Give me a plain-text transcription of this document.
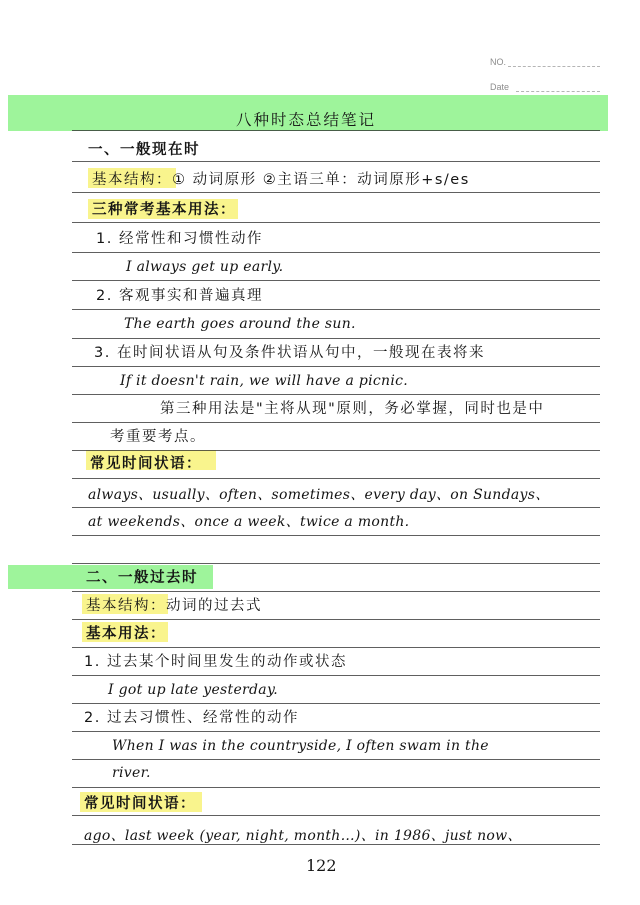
NO.
Date
八种时态总结笔记
一、一般现在时
基本结构：① 动词原形 ②主语三单：动词原形+s/es
三种常考基本用法：
1. 经常性和习惯性动作
I always get up early.
2. 客观事实和普遍真理
The earth goes around the sun.
3. 在时间状语从句及条件状语从句中，一般现在表将来
If it doesn't rain, we will have a picnic.
第三种用法是"主将从现"原则，务必掌握，同时也是中
考重要考点。
常见时间状语：
always、usually、often、sometimes、every day、on Sundays、
at weekends、once a week、twice a month.
二、一般过去时
基本结构：动词的过去式
基本用法：
1. 过去某个时间里发生的动作或状态
I got up late yesterday.
2. 过去习惯性、经常性的动作
When I was in the countryside, I often swam in the
river.
常见时间状语：
ago、last week (year, night, month…)、in 1986、just now、
122
